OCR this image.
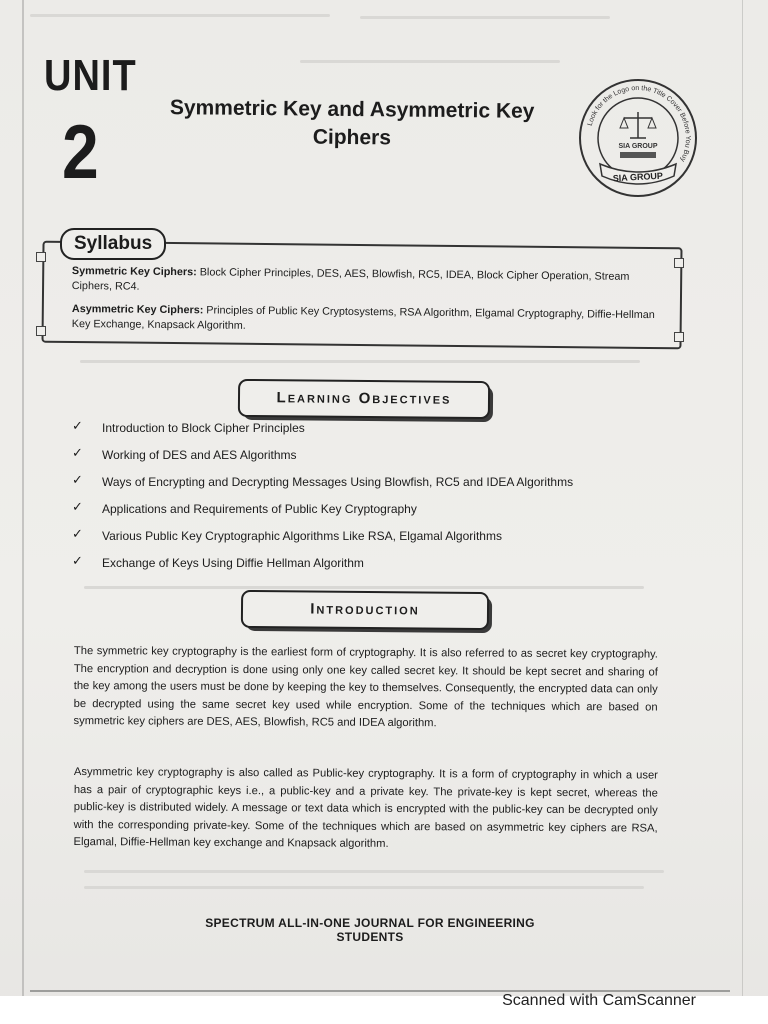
UNIT
2	Symmetric Key and Asymmetric Key
Ciphers
Look for the Logo on the Title Cover Before You Buy
SIA GROUP
SIA GROUP
Syllabus
Symmetric Key Ciphers: Block Cipher Principles, DES, AES, Blowfish, RC5, IDEA, Block Cipher Operation, Stream Ciphers, RC4.
Asymmetric Key Ciphers: Principles of Public Key Cryptosystems, RSA Algorithm, Elgamal Cryptography, Diffie-Hellman Key Exchange, Knapsack Algorithm.
Learning Objectives
✓ Introduction to Block Cipher Principles
✓ Working of DES and AES Algorithms
✓ Ways of Encrypting and Decrypting Messages Using Blowfish, RC5 and IDEA Algorithms
✓ Applications and Requirements of Public Key Cryptography
✓ Various Public Key Cryptographic Algorithms Like RSA, Elgamal Algorithms
✓ Exchange of Keys Using Diffie Hellman Algorithm
Introduction

The symmetric key cryptography is the earliest form of cryptography. It is also referred to as secret key cryptography. The encryption and decryption is done using only one key called secret key. It should be kept secret and sharing of the key among the users must be done by keeping the key to themselves. Consequently, the encrypted data can only be decrypted using the same secret key used while encryption. Some of the techniques which are based on symmetric key ciphers are DES, AES, Blowfish, RC5 and IDEA algorithm.

Asymmetric key cryptography is also called as Public-key cryptography. It is a form of cryptography in which a user has a pair of cryptographic keys i.e., a public-key and a private key. The private-key is kept secret, whereas the public-key is distributed widely. A message or text data which is encrypted with the public-key can be decrypted only with the corresponding private-key. Some of the techniques which are based on asymmetric key ciphers are RSA, Elgamal, Diffie-Hellman key exchange and Knapsack algorithm.

SPECTRUM ALL-IN-ONE JOURNAL FOR ENGINEERING STUDENTS
Scanned with CamScanner
